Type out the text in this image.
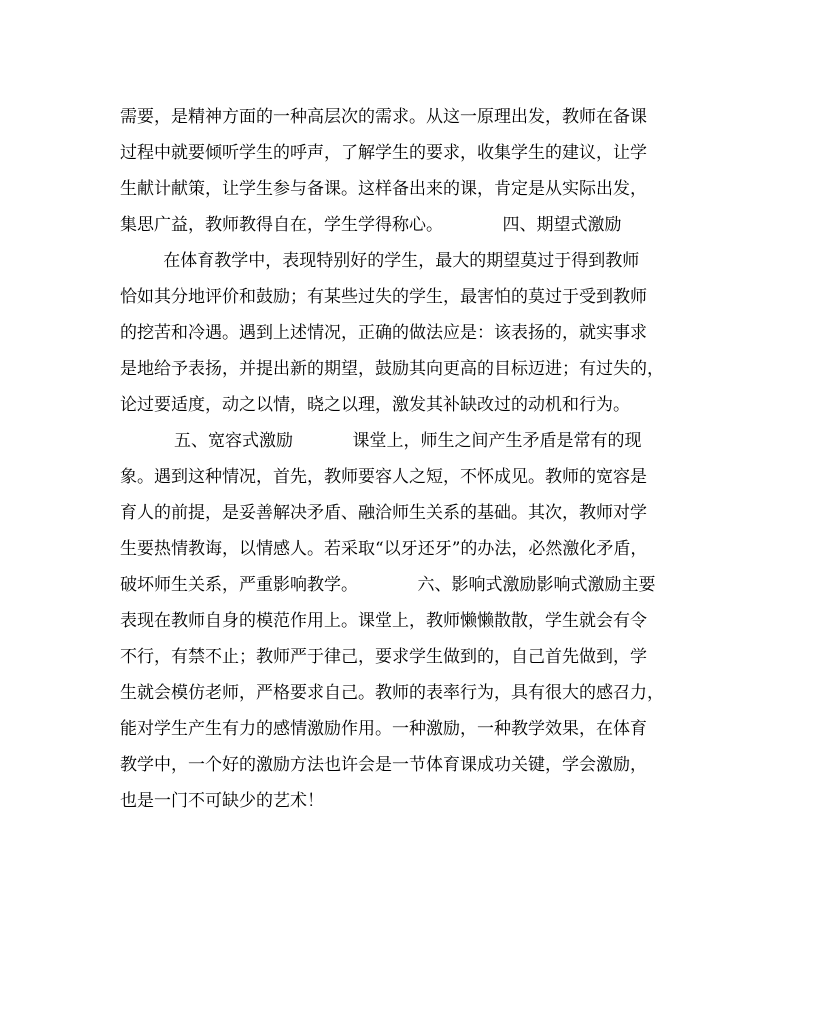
需要，是精神方面的一种高层次的需求。从这一原理出发，教师在备课
过程中就要倾听学生的呼声，了解学生的要求，收集学生的建议，让学
生献计献策，让学生参与备课。这样备出来的课，肯定是从实际出发，
集思广益，教师教得自在，学生学得称心。           四、期望式激励
在体育教学中，表现特别好的学生，最大的期望莫过于得到教师
恰如其分地评价和鼓励；有某些过失的学生，最害怕的莫过于受到教师
的挖苦和冷遇。遇到上述情况，正确的做法应是：该表扬的，就实事求
是地给予表扬，并提出新的期望，鼓励其向更高的目标迈进；有过失的，
论过要适度，动之以情，晓之以理，激发其补缺改过的动机和行为。
五、宽容式激励           课堂上，师生之间产生矛盾是常有的现
象。遇到这种情况，首先，教师要容人之短，不怀成见。教师的宽容是
育人的前提，是妥善解决矛盾、融洽师生关系的基础。其次，教师对学
生要热情教诲，以情感人。若采取“以牙还牙”的办法，必然激化矛盾，
破坏师生关系，严重影响教学。           六、影响式激励影响式激励主要
表现在教师自身的模范作用上。课堂上，教师懒懒散散，学生就会有令
不行，有禁不止；教师严于律己，要求学生做到的，自己首先做到，学
生就会模仿老师，严格要求自己。教师的表率行为，具有很大的感召力，
能对学生产生有力的感情激励作用。一种激励，一种教学效果，在体育
教学中，一个好的激励方法也许会是一节体育课成功关键，学会激励，
也是一门不可缺少的艺术！
